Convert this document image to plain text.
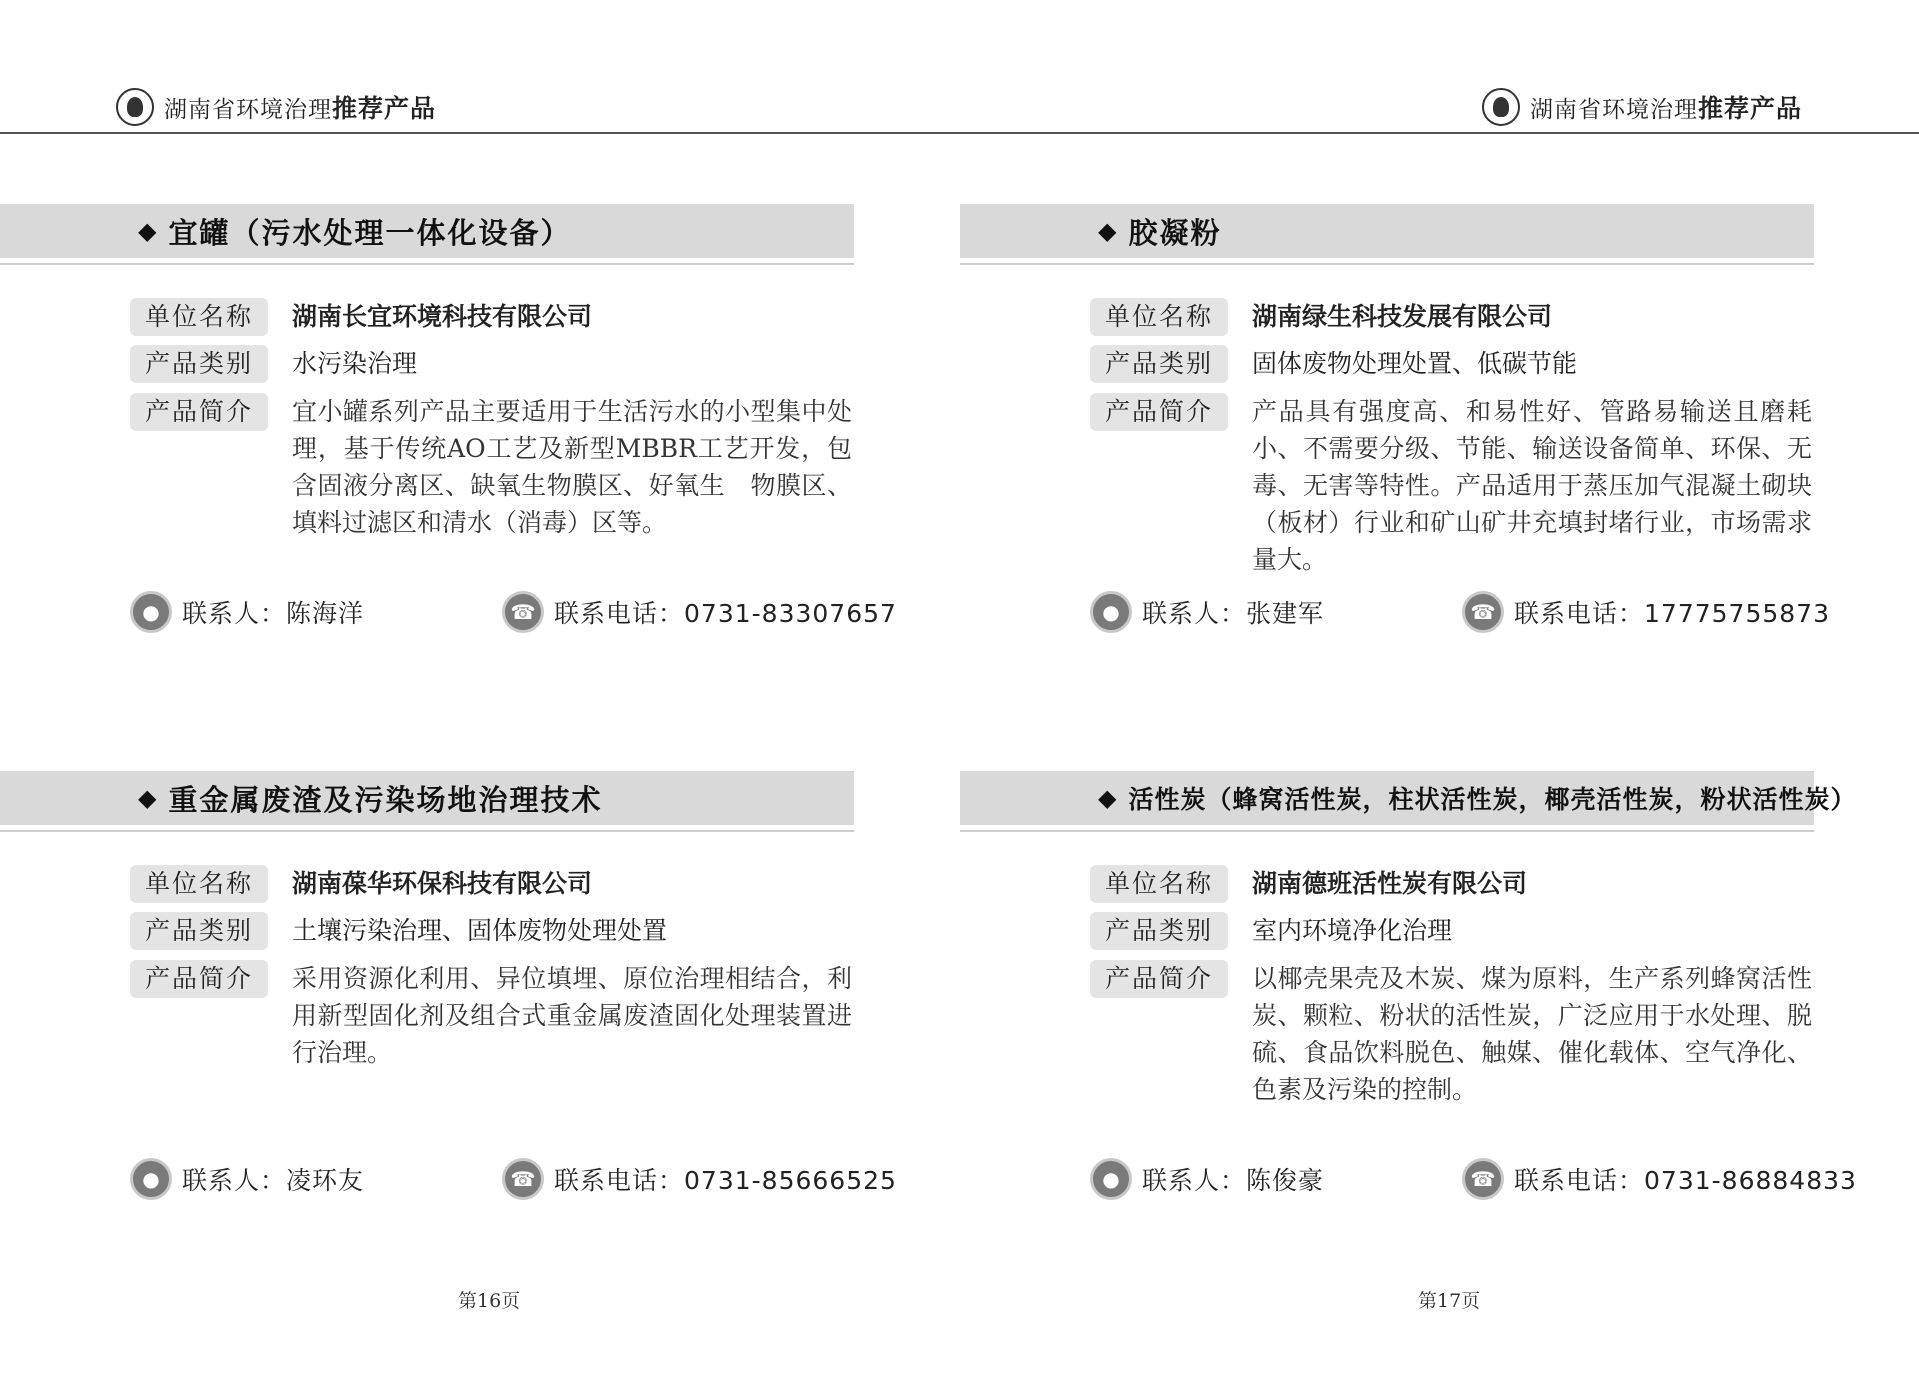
湖南省环境治理推荐产品	湖南省环境治理推荐产品
◆ 宜罐（污水处理一体化设备）
单位名称	湖南长宜环境科技有限公司
产品类别	水污染治理
产品简介	宜小罐系列产品主要适用于生活污水的小型集中处理，基于传统AO工艺及新型MBBR工艺开发，包含固液分离区、缺氧生物膜区、好氧生　物膜区、填料过滤区和清水（消毒）区等。
● 联系人：陈海洋	☎ 联系电话：0731-83307657
◆ 胶凝粉
单位名称	湖南绿生科技发展有限公司
产品类别	固体废物处理处置、低碳节能
产品简介	产品具有强度高、和易性好、管路易输送且磨耗小、不需要分级、节能、输送设备简单、环保、无毒、无害等特性。产品适用于蒸压加气混凝土砌块（板材）行业和矿山矿井充填封堵行业，市场需求量大。
● 联系人：张建军	☎ 联系电话：17775755873
◆ 重金属废渣及污染场地治理技术
单位名称	湖南葆华环保科技有限公司
产品类别	土壤污染治理、固体废物处理处置
产品简介	采用资源化利用、异位填埋、原位治理相结合，利用新型固化剂及组合式重金属废渣固化处理装置进行治理。
● 联系人：凌环友	☎ 联系电话：0731-85666525
◆ 活性炭（蜂窝活性炭，柱状活性炭，椰壳活性炭，粉状活性炭）
单位名称	湖南德班活性炭有限公司
产品类别	室内环境净化治理
产品简介	以椰壳果壳及木炭、煤为原料，生产系列蜂窝活性炭、颗粒、粉状的活性炭，广泛应用于水处理、脱硫、食品饮料脱色、触媒、催化载体、空气净化、色素及污染的控制。
● 联系人：陈俊豪	☎ 联系电话：0731-86884833
第16页	第17页
